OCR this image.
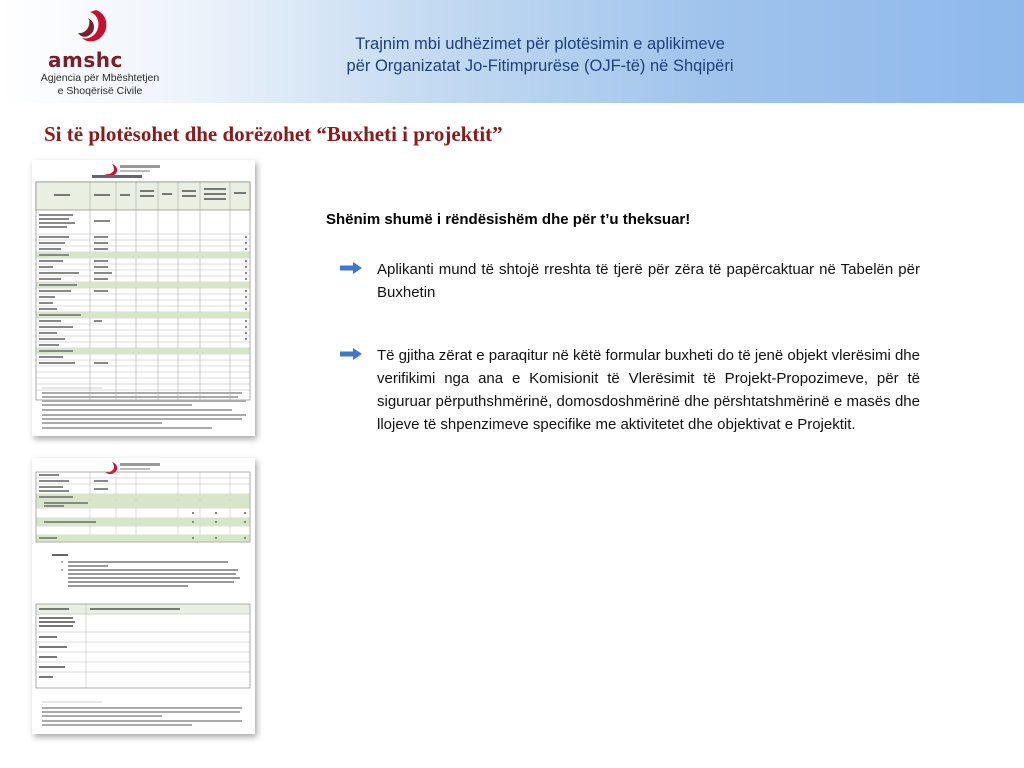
amshc
Agjencia për Mbështetjen
e Shoqërisë Civile
Trajnim mbi udhëzimet për plotësimin e aplikimeve
për Organizatat Jo-Fitimprurëse (OJF-të) në Shqipëri
Si të plotësohet dhe dorëzohet “Buxheti i projektit”
Shënim shumë i rëndësishëm dhe për t’u theksuar!
Aplikanti mund të shtojë rreshta të tjerë për zëra të papërcaktuar në Tabelën për Buxhetin
Të gjitha zërat e paraqitur në këtë formular buxheti do të jenë objekt vlerësimi dhe verifikimi nga ana e Komisionit të Vlerësimit të Projekt-Propozimeve, për të siguruar përputhshmërinë, domosdoshmërinë dhe përshtatshmërinë e masës dhe llojeve të shpenzimeve specifike me aktivitetet dhe objektivat e Projektit.
